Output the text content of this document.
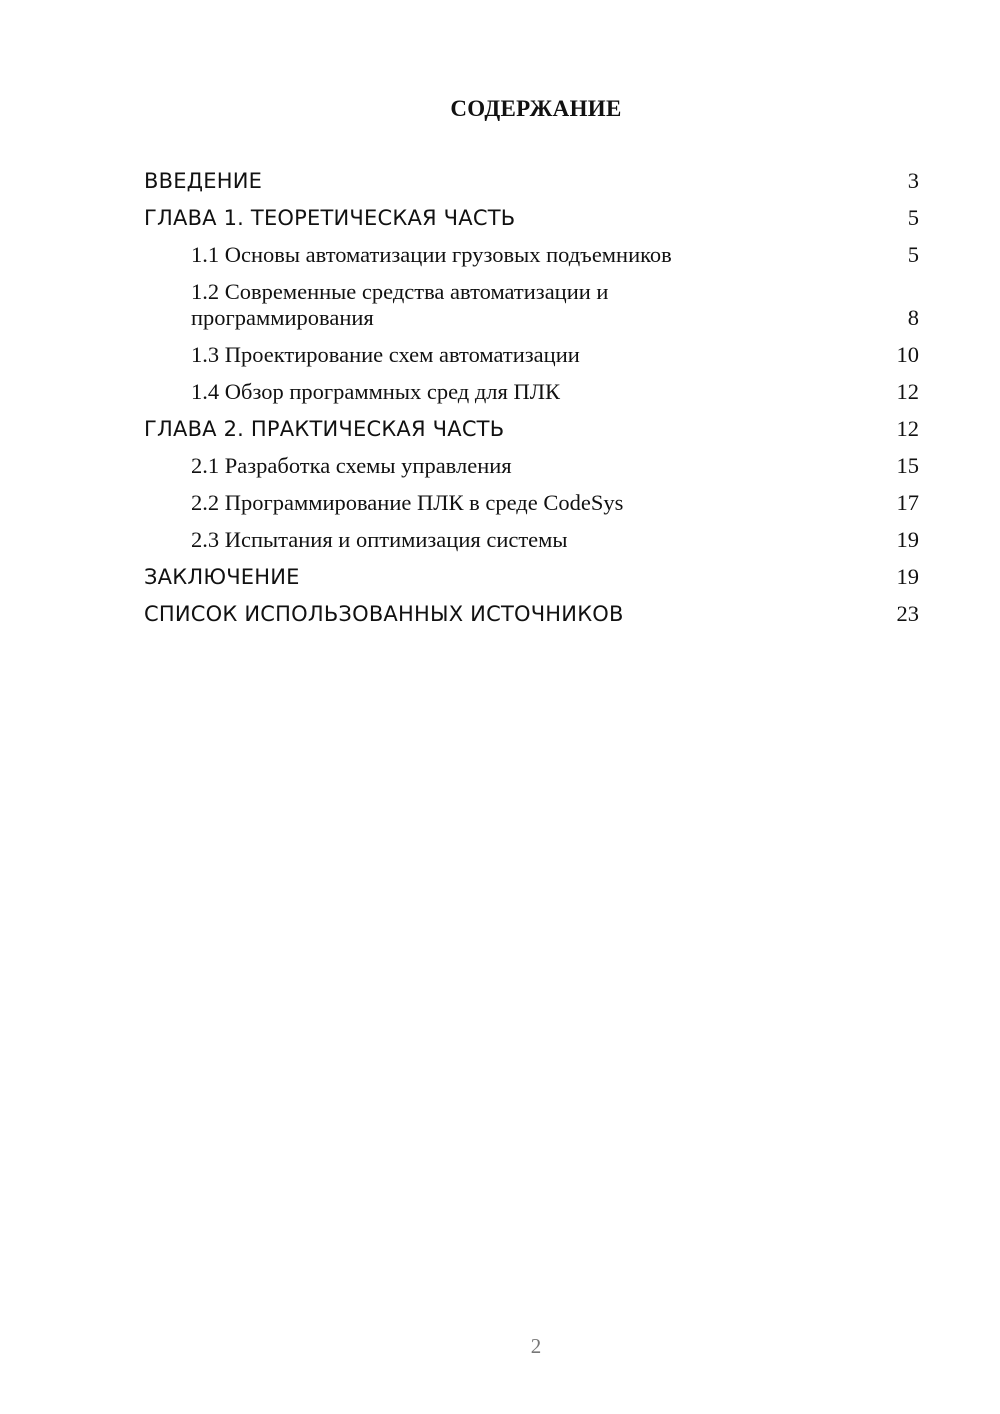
СОДЕРЖАНИЕ
ВВЕДЕНИЕ	3
ГЛАВА 1. ТЕОРЕТИЧЕСКАЯ ЧАСТЬ	5
1.1 Основы автоматизации грузовых подъемников	5
1.2 Современные средства автоматизации и программирования	8
1.3 Проектирование схем автоматизации	10
1.4 Обзор программных сред для ПЛК	12
ГЛАВА 2. ПРАКТИЧЕСКАЯ ЧАСТЬ	12
2.1 Разработка схемы управления	15
2.2 Программирование ПЛК в среде CodeSys	17
2.3 Испытания и оптимизация системы	19
ЗАКЛЮЧЕНИЕ	19
СПИСОК ИСПОЛЬЗОВАННЫХ ИСТОЧНИКОВ	23
2
